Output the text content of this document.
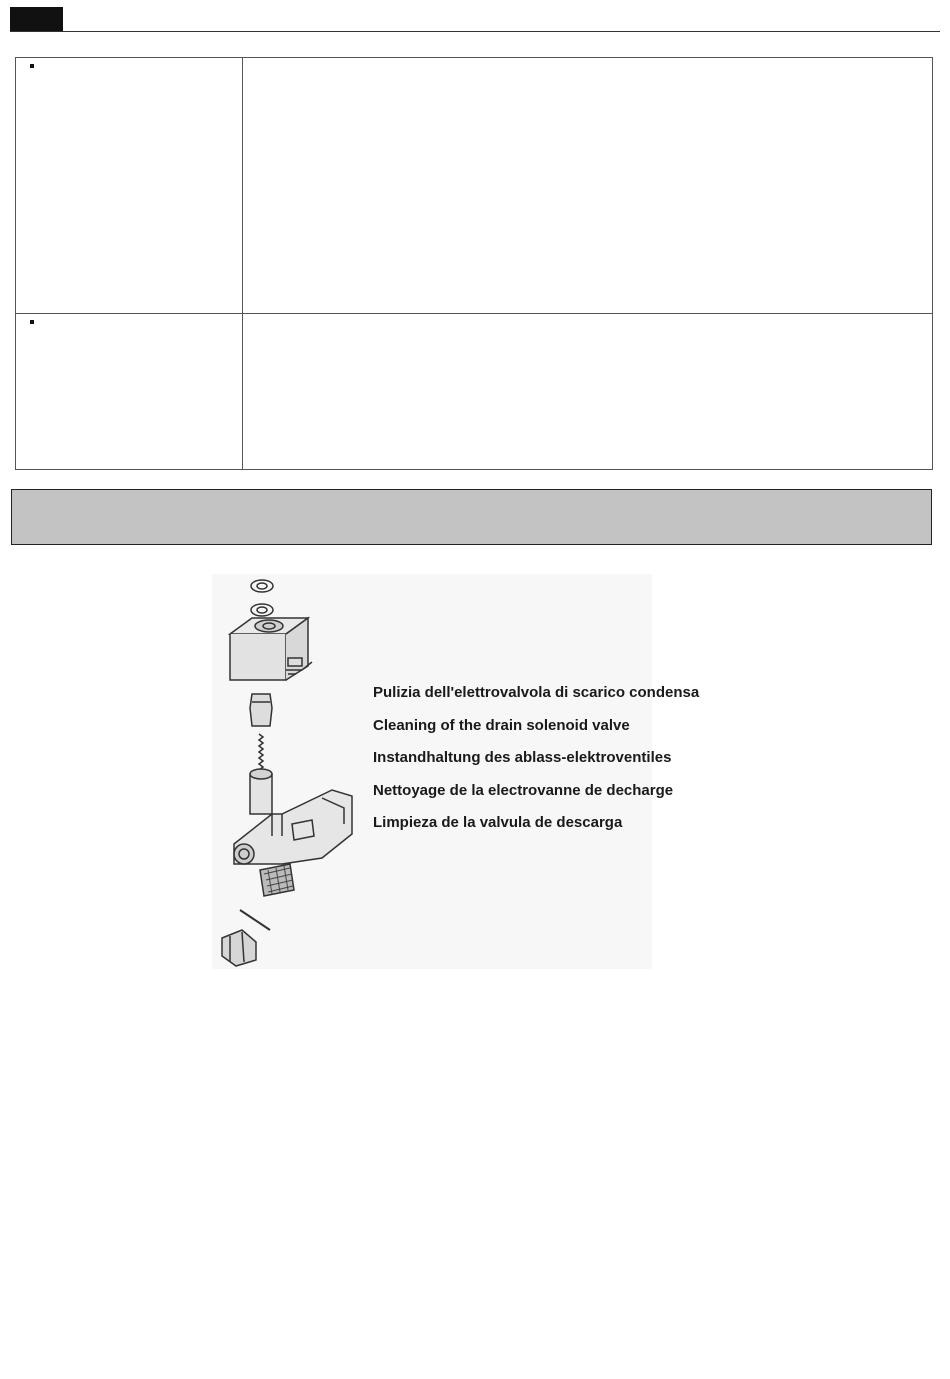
Pulizia dell'elettrovalvola di scarico condensa
Cleaning of the drain solenoid valve
Instandhaltung des ablass-elektroventiles
Nettoyage de la electrovanne de decharge
Limpieza de la valvula de descarga
